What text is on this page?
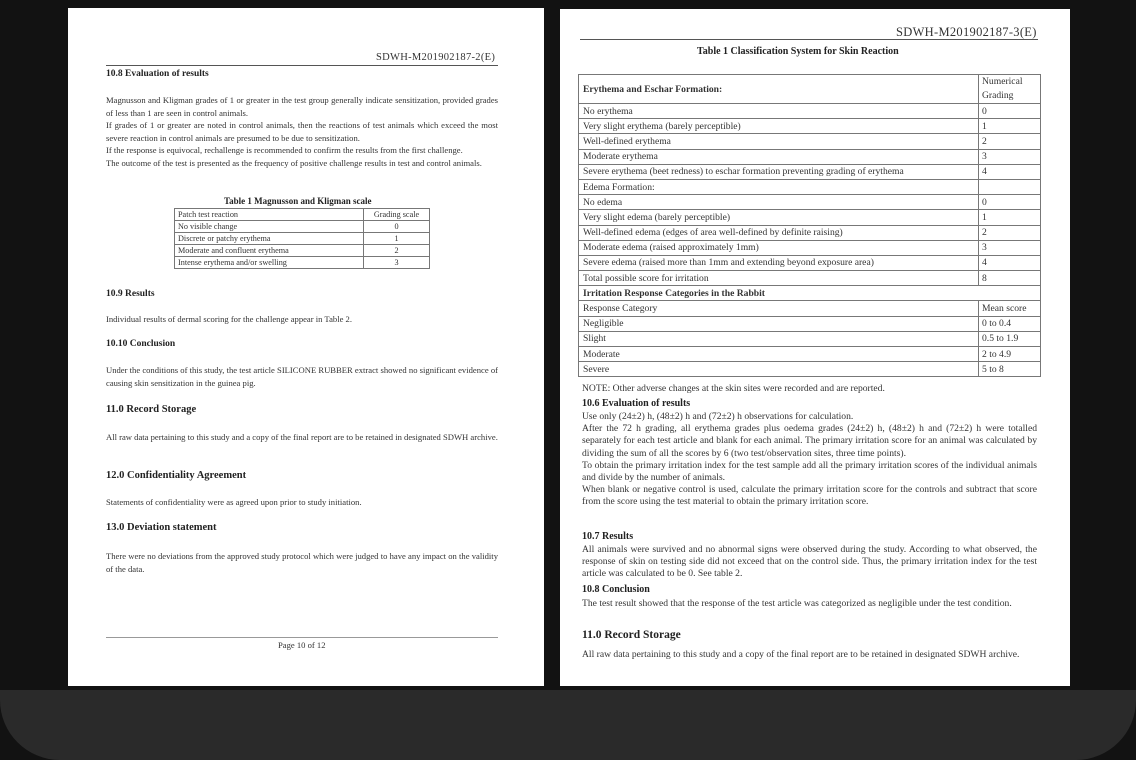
SDWH-M201902187-2(E)
10.8 Evaluation of results

Magnusson and Kligman grades of 1 or greater in the test group generally indicate sensitization, provided grades of less than 1 are seen in control animals.

If grades of 1 or greater are noted in control animals, then the reactions of test animals which exceed the most severe reaction in control animals are presumed to be due to sensitization.

If the response is equivocal, rechallenge is recommended to confirm the results from the first challenge.

The outcome of the test is presented as the frequency of positive challenge results in test and control animals.

Table 1 Magnusson and Kligman scale
Patch test reaction	Grading scale
No visible change	0
Discrete or patchy erythema	1
Moderate and confluent erythema	2
Intense erythema and/or swelling	3
10.9 Results
Individual results of dermal scoring for the challenge appear in Table 2.
10.10 Conclusion
Under the conditions of this study, the test article SILICONE RUBBER extract showed no significant evidence of causing skin sensitization in the guinea pig.
11.0 Record Storage
All raw data pertaining to this study and a copy of the final report are to be retained in designated SDWH archive.
12.0 Confidentiality Agreement
Statements of confidentiality were as agreed upon prior to study initiation.
13.0 Deviation statement
There were no deviations from the approved study protocol which were judged to have any impact on the validity of the data.
Page 10 of 12
SDWH-M201902187-3(E)
Table 1 Classification System for Skin Reaction
Erythema and Eschar Formation:	Numerical
Grading

No erythema	0
Very slight erythema (barely perceptible)	1
Well-defined erythema	2
Moderate erythema	3
Severe erythema (beet redness) to eschar formation preventing grading of erythema	4
Edema Formation:	
No edema	0
Very slight edema (barely perceptible)	1
Well-defined edema (edges of area well-defined by definite raising)	2
Moderate edema (raised approximately 1mm)	3
Severe edema (raised more than 1mm and extending beyond exposure area)	4
Total possible score for irritation	8
Irritation Response Categories in the Rabbit	
Response Category	Mean score
Negligible	0 to 0.4
Slight	0.5 to 1.9
Moderate	2 to 4.9
Severe	5 to 8
NOTE: Other adverse changes at the skin sites were recorded and are reported.
10.6 Evaluation of results
Use only (24±2) h, (48±2) h and (72±2) h observations for calculation.
After the 72 h grading, all erythema grades plus oedema grades (24±2) h, (48±2) h and (72±2) h were totalled separately for each test article and blank for each animal. The primary irritation score for an animal was calculated by dividing the sum of all the scores by 6 (two test/observation sites, three time points).
To obtain the primary irritation index for the test sample add all the primary irritation scores of the individual animals and divide by the number of animals.
When blank or negative control is used, calculate the primary irritation score for the controls and subtract that score from the score using the test material to obtain the primary irritation score.
10.7 Results
All animals were survived and no abnormal signs were observed during the study. According to what observed, the response of skin on testing side did not exceed that on the control side. Thus, the primary irritation index for the test article was calculated to be 0. See table 2.
10.8 Conclusion
The test result showed that the response of the test article was categorized as negligible under the test condition.
11.0 Record Storage
All raw data pertaining to this study and a copy of the final report are to be retained in designated SDWH archive.
